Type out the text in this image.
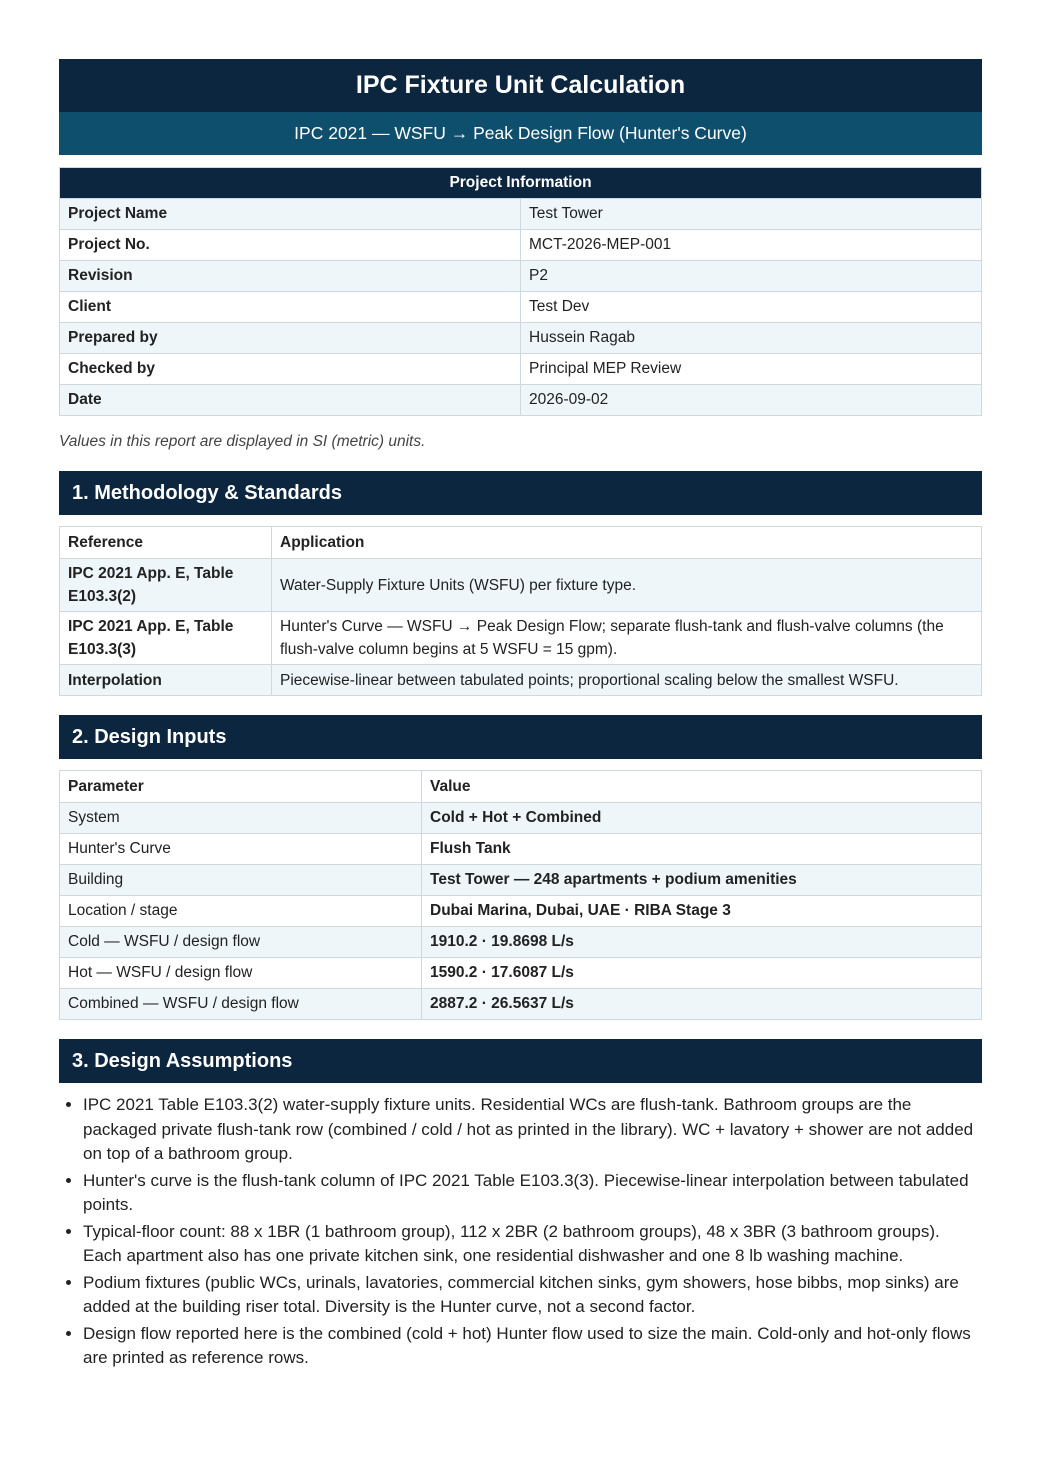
IPC Fixture Unit Calculation
IPC 2021 — WSFU → Peak Design Flow (Hunter's Curve)
Project Information	
Project Name	Test Tower
Project No.	MCT-2026-MEP-001
Revision	P2
Client	Test Dev
Prepared by	Hussein Ragab
Checked by	Principal MEP Review
Date	2026-09-02
Values in this report are displayed in SI (metric) units.
1. Methodology & Standards
Reference	Application
IPC 2021 App. E, Table E103.3(2)	Water-Supply Fixture Units (WSFU) per fixture type.
IPC 2021 App. E, Table E103.3(3)	Hunter's Curve — WSFU → Peak Design Flow; separate flush-tank and flush-valve columns (the flush-valve column begins at 5 WSFU = 15 gpm).
Interpolation	Piecewise-linear between tabulated points; proportional scaling below the smallest WSFU.
2. Design Inputs
Parameter	Value
System	Cold + Hot + Combined
Hunter's Curve	Flush Tank
Building	Test Tower — 248 apartments + podium amenities
Location / stage	Dubai Marina, Dubai, UAE · RIBA Stage 3
Cold — WSFU / design flow	1910.2 · 19.8698 L/s
Hot — WSFU / design flow	1590.2 · 17.6087 L/s
Combined — WSFU / design flow	2887.2 · 26.5637 L/s
3. Design Assumptions
• IPC 2021 Table E103.3(2) water-supply fixture units. Residential WCs are flush-tank. Bathroom groups are the packaged private flush-tank row (combined / cold / hot as printed in the library). WC + lavatory + shower are not added on top of a bathroom group.
• Hunter's curve is the flush-tank column of IPC 2021 Table E103.3(3). Piecewise-linear interpolation between tabulated points.
• Typical-floor count: 88 x 1BR (1 bathroom group), 112 x 2BR (2 bathroom groups), 48 x 3BR (3 bathroom groups). Each apartment also has one private kitchen sink, one residential dishwasher and one 8 lb washing machine.
• Podium fixtures (public WCs, urinals, lavatories, commercial kitchen sinks, gym showers, hose bibbs, mop sinks) are added at the building riser total. Diversity is the Hunter curve, not a second factor.
• Design flow reported here is the combined (cold + hot) Hunter flow used to size the main. Cold-only and hot-only flows are printed as reference rows.
